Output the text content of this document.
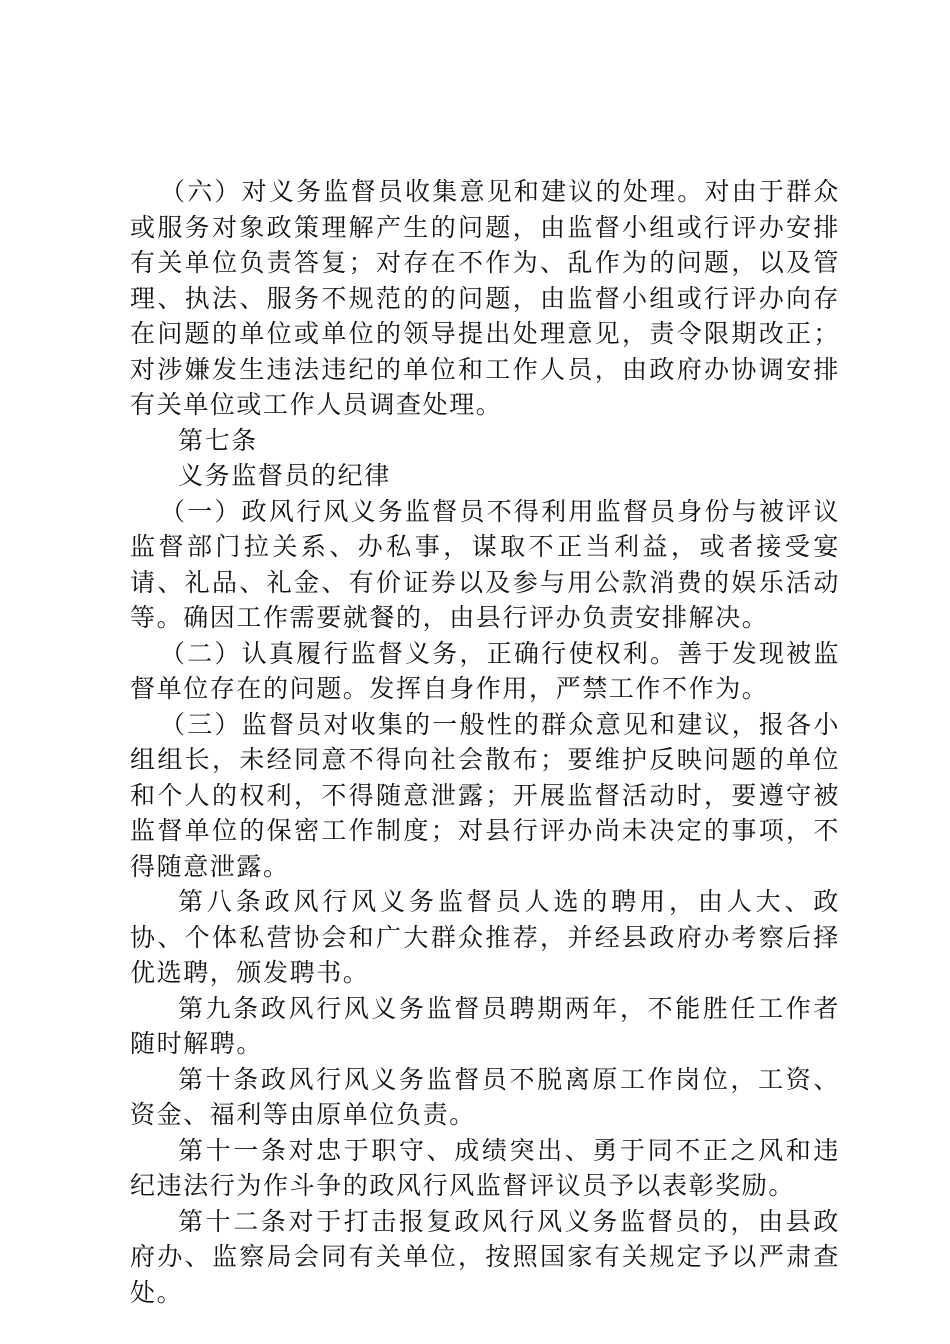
（六）对义务监督员收集意见和建议的处理。对由于群众或服务对象政策理解产生的问题，由监督小组或行评办安排有关单位负责答复；对存在不作为、乱作为的问题，以及管理、执法、服务不规范的的问题，由监督小组或行评办向存在问题的单位或单位的领导提出处理意见，责令限期改正；对涉嫌发生违法违纪的单位和工作人员，由政府办协调安排有关单位或工作人员调查处理。

第七条

义务监督员的纪律

（一）政风行风义务监督员不得利用监督员身份与被评议监督部门拉关系、办私事，谋取不正当利益，或者接受宴请、礼品、礼金、有价证券以及参与用公款消费的娱乐活动等。确因工作需要就餐的，由县行评办负责安排解决。

（二）认真履行监督义务，正确行使权利。善于发现被监督单位存在的问题。发挥自身作用，严禁工作不作为。

（三）监督员对收集的一般性的群众意见和建议，报各小组组长，未经同意不得向社会散布；要维护反映问题的单位和个人的权利，不得随意泄露；开展监督活动时，要遵守被监督单位的保密工作制度；对县行评办尚未决定的事项，不得随意泄露。

第八条政风行风义务监督员人选的聘用，由人大、政协、个体私营协会和广大群众推荐，并经县政府办考察后择优选聘，颁发聘书。

第九条政风行风义务监督员聘期两年，不能胜任工作者随时解聘。

第十条政风行风义务监督员不脱离原工作岗位，工资、资金、福利等由原单位负责。

第十一条对忠于职守、成绩突出、勇于同不正之风和违纪违法行为作斗争的政风行风监督评议员予以表彰奖励。

第十二条对于打击报复政风行风义务监督员的，由县政府办、监察局会同有关单位，按照国家有关规定予以严肃查处。
